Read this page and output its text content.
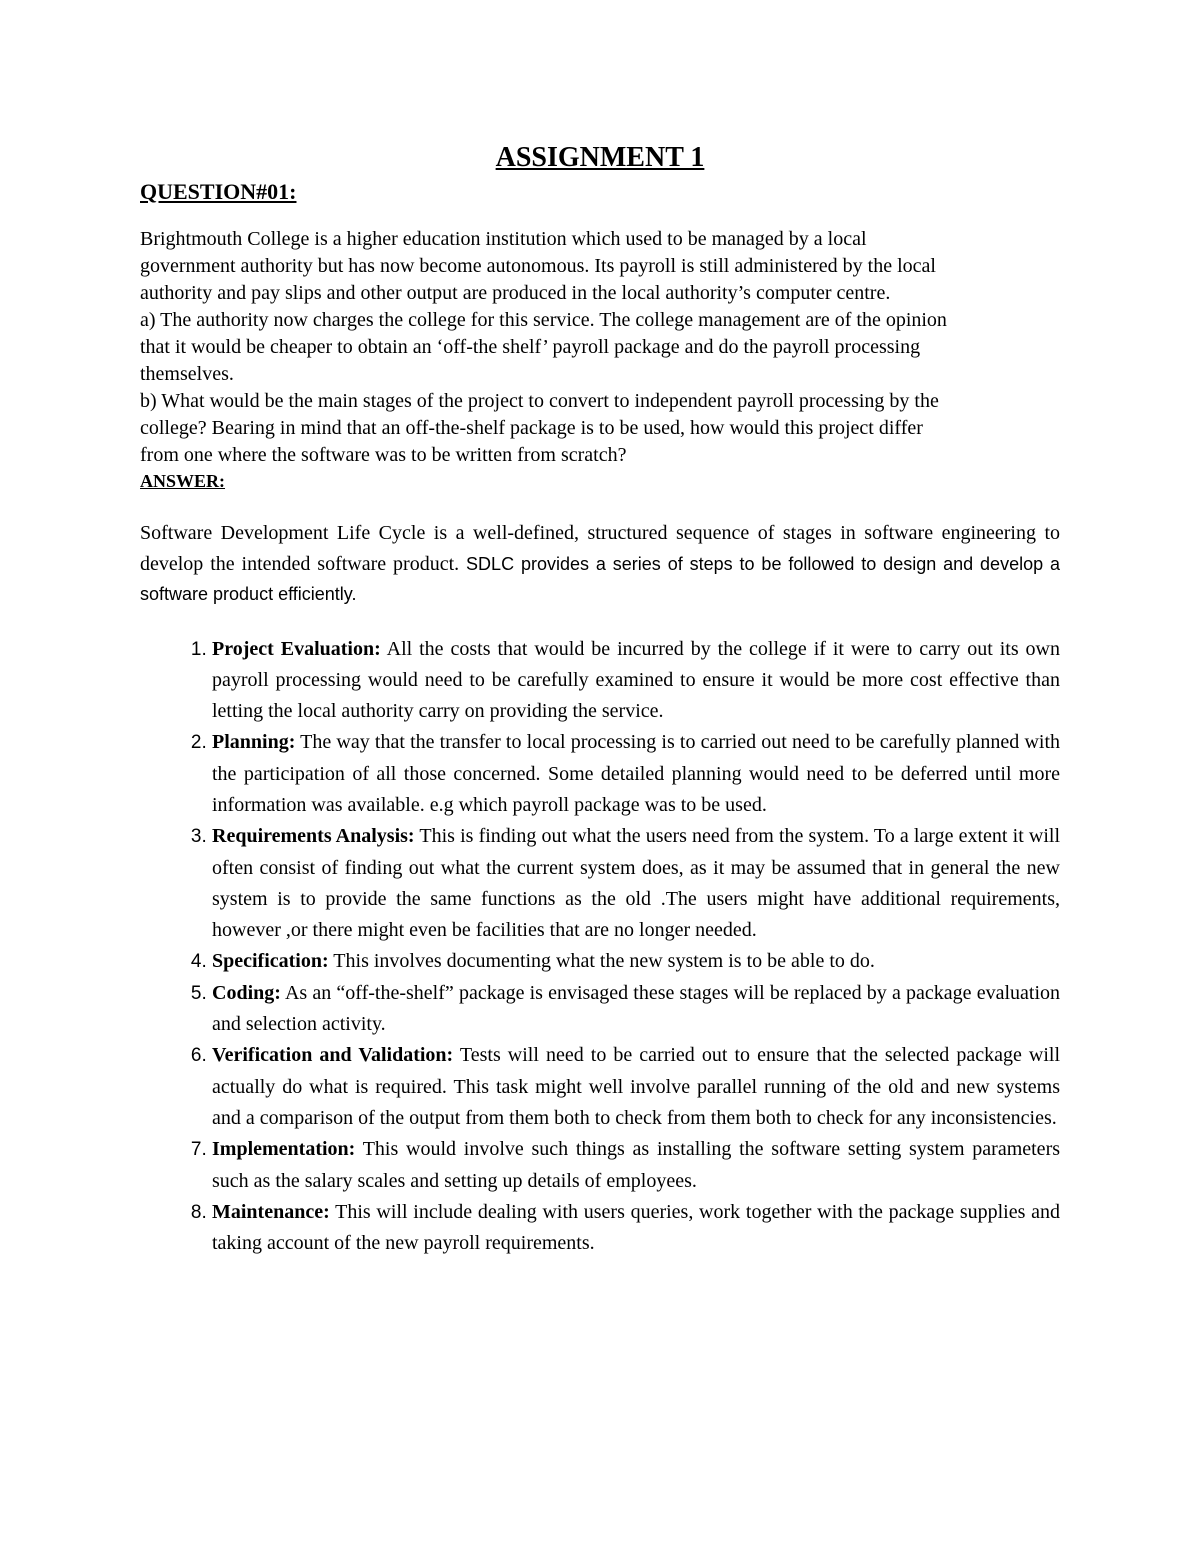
ASSIGNMENT 1
QUESTION#01:

Brightmouth College is a higher education institution which used to be managed by a local government authority but has now become autonomous. Its payroll is still administered by the local authority and pay slips and other output are produced in the local authority’s computer centre.

a) The authority now charges the college for this service. The college management are of the opinion that it would be cheaper to obtain an ‘off-the shelf’ payroll package and do the payroll processing themselves.

b) What would be the main stages of the project to convert to independent payroll processing by the college? Bearing in mind that an off-the-shelf package is to be used, how would this project differ from one where the software was to be written from scratch?

ANSWER:

Software Development Life Cycle is a well-defined, structured sequence of stages in software engineering to develop the intended software product. SDLC provides a series of steps to be followed to design and develop a software product efficiently.

1. Project Evaluation: All the costs that would be incurred by the college if it were to carry out its own payroll processing would need to be carefully examined to ensure it would be more cost effective than letting the local authority carry on providing the service.
2. Planning: The way that the transfer to local processing is to carried out need to be carefully planned with the participation of all those concerned. Some detailed planning would need to be deferred until more information was available. e.g which payroll package was to be used.
3. Requirements Analysis: This is finding out what the users need from the system. To a large extent it will often consist of finding out what the current system does, as it may be assumed that in general the new system is to provide the same functions as the old .The users might have additional requirements, however ,or there might even be facilities that are no longer needed.
4. Specification: This involves documenting what the new system is to be able to do.
5. Coding: As an “off-the-shelf” package is envisaged these stages will be replaced by a package evaluation and selection activity.
6. Verification and Validation: Tests will need to be carried out to ensure that the selected package will actually do what is required. This task might well involve parallel running of the old and new systems and a comparison of the output from them both to check from them both to check for any inconsistencies.
7. Implementation: This would involve such things as installing the software setting system parameters such as the salary scales and setting up details of employees.
8. Maintenance: This will include dealing with users queries, work together with the package supplies and taking account of the new payroll requirements.
